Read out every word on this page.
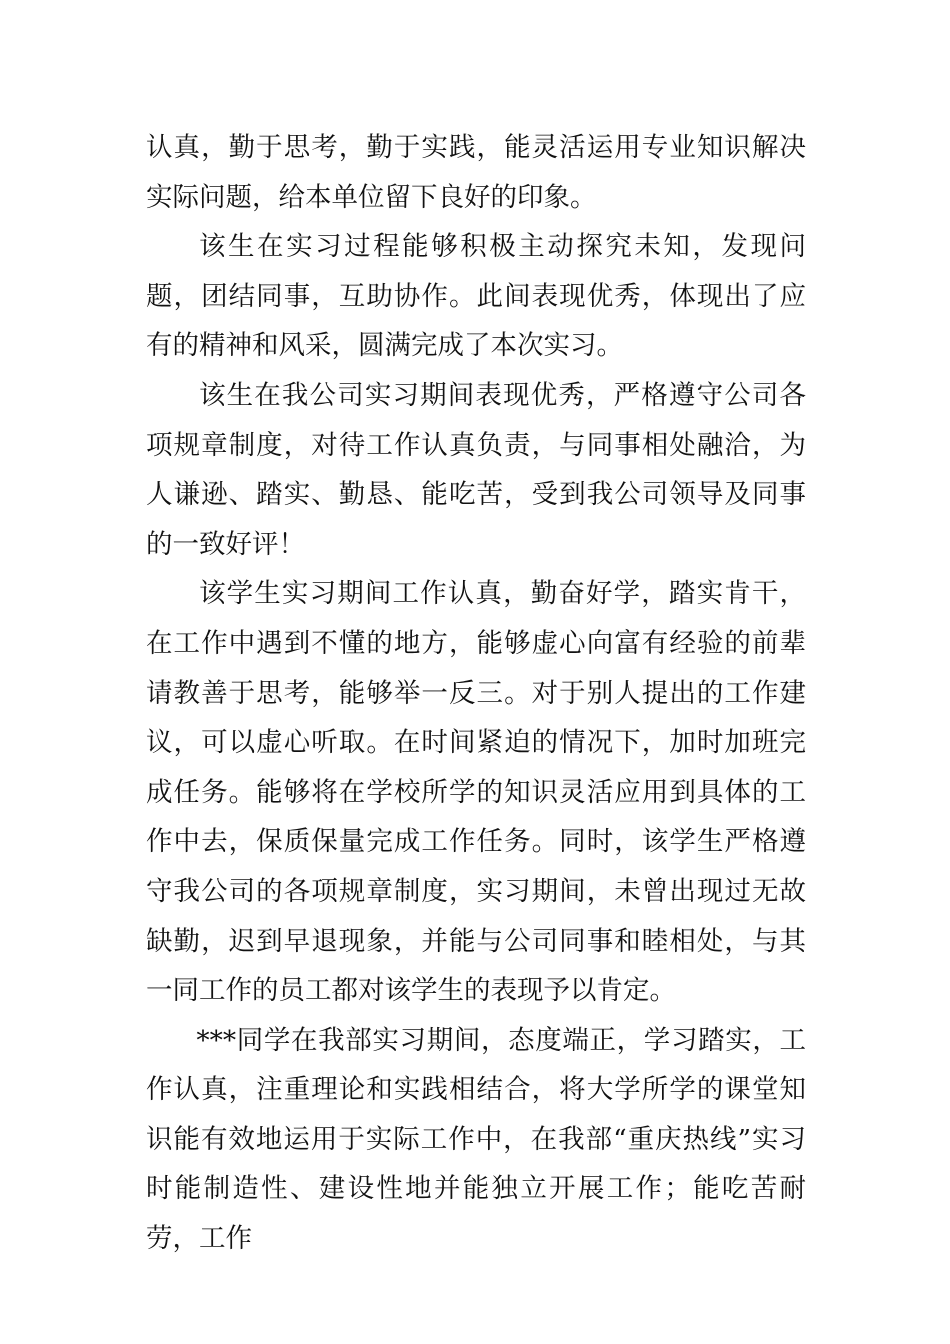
认真，勤于思考，勤于实践，能灵活运用专业知识解决实际问题，给本单位留下良好的印象。

该生在实习过程能够积极主动探究未知，发现问题，团结同事，互助协作。此间表现优秀，体现出了应有的精神和风采，圆满完成了本次实习。

该生在我公司实习期间表现优秀，严格遵守公司各项规章制度，对待工作认真负责，与同事相处融洽，为人谦逊、踏实、勤恳、能吃苦，受到我公司领导及同事的一致好评！

该学生实习期间工作认真，勤奋好学，踏实肯干，在工作中遇到不懂的地方，能够虚心向富有经验的前辈请教善于思考，能够举一反三。对于别人提出的工作建议，可以虚心听取。在时间紧迫的情况下，加时加班完成任务。能够将在学校所学的知识灵活应用到具体的工作中去，保质保量完成工作任务。同时，该学生严格遵守我公司的各项规章制度，实习期间，未曾出现过无故缺勤，迟到早退现象，并能与公司同事和睦相处，与其一同工作的员工都对该学生的表现予以肯定。

***同学在我部实习期间，态度端正，学习踏实，工作认真，注重理论和实践相结合，将大学所学的课堂知识能有效地运用于实际工作中，在我部“重庆热线”实习时能制造性、建设性地并能独立开展工作；能吃苦耐劳，工作
